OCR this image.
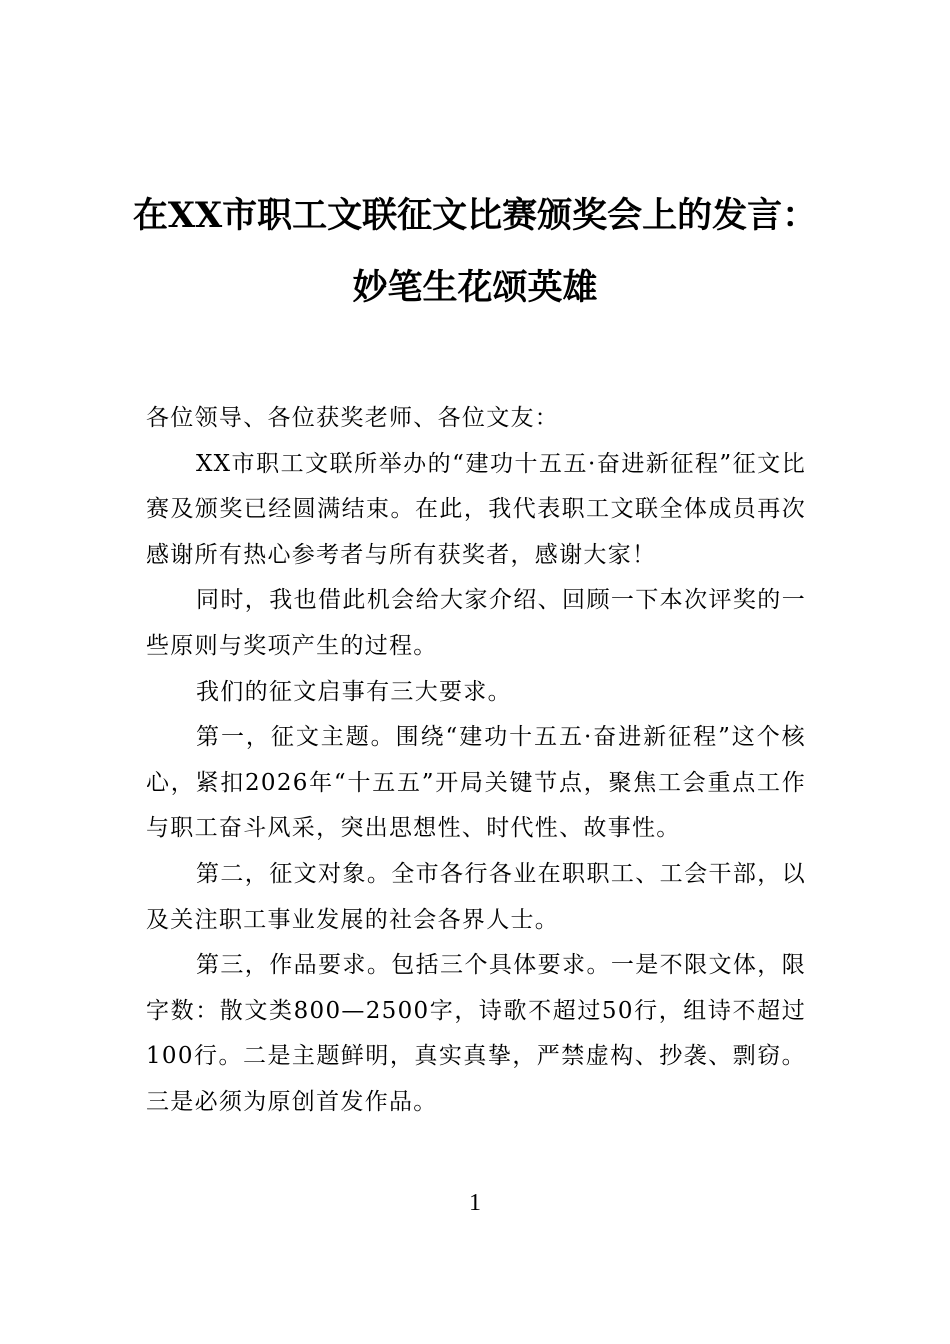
在XX市职工文联征文比赛颁奖会上的发言：
妙笔生花颂英雄

各位领导、各位获奖老师、各位文友：

XX市职工文联所举办的“建功十五五·奋进新征程”征文比赛及颁奖已经圆满结束。在此，我代表职工文联全体成员再次感谢所有热心参考者与所有获奖者，感谢大家！

同时，我也借此机会给大家介绍、回顾一下本次评奖的一些原则与奖项产生的过程。

我们的征文启事有三大要求。

第一，征文主题。围绕“建功十五五·奋进新征程”这个核心，紧扣2026年“十五五”开局关键节点，聚焦工会重点工作与职工奋斗风采，突出思想性、时代性、故事性。

第二，征文对象。全市各行各业在职职工、工会干部，以及关注职工事业发展的社会各界人士。

第三，作品要求。包括三个具体要求。一是不限文体，限字数：散文类800—2500字，诗歌不超过50行，组诗不超过100行。二是主题鲜明，真实真挚，严禁虚构、抄袭、剽窃。三是必须为原创首发作品。

1
